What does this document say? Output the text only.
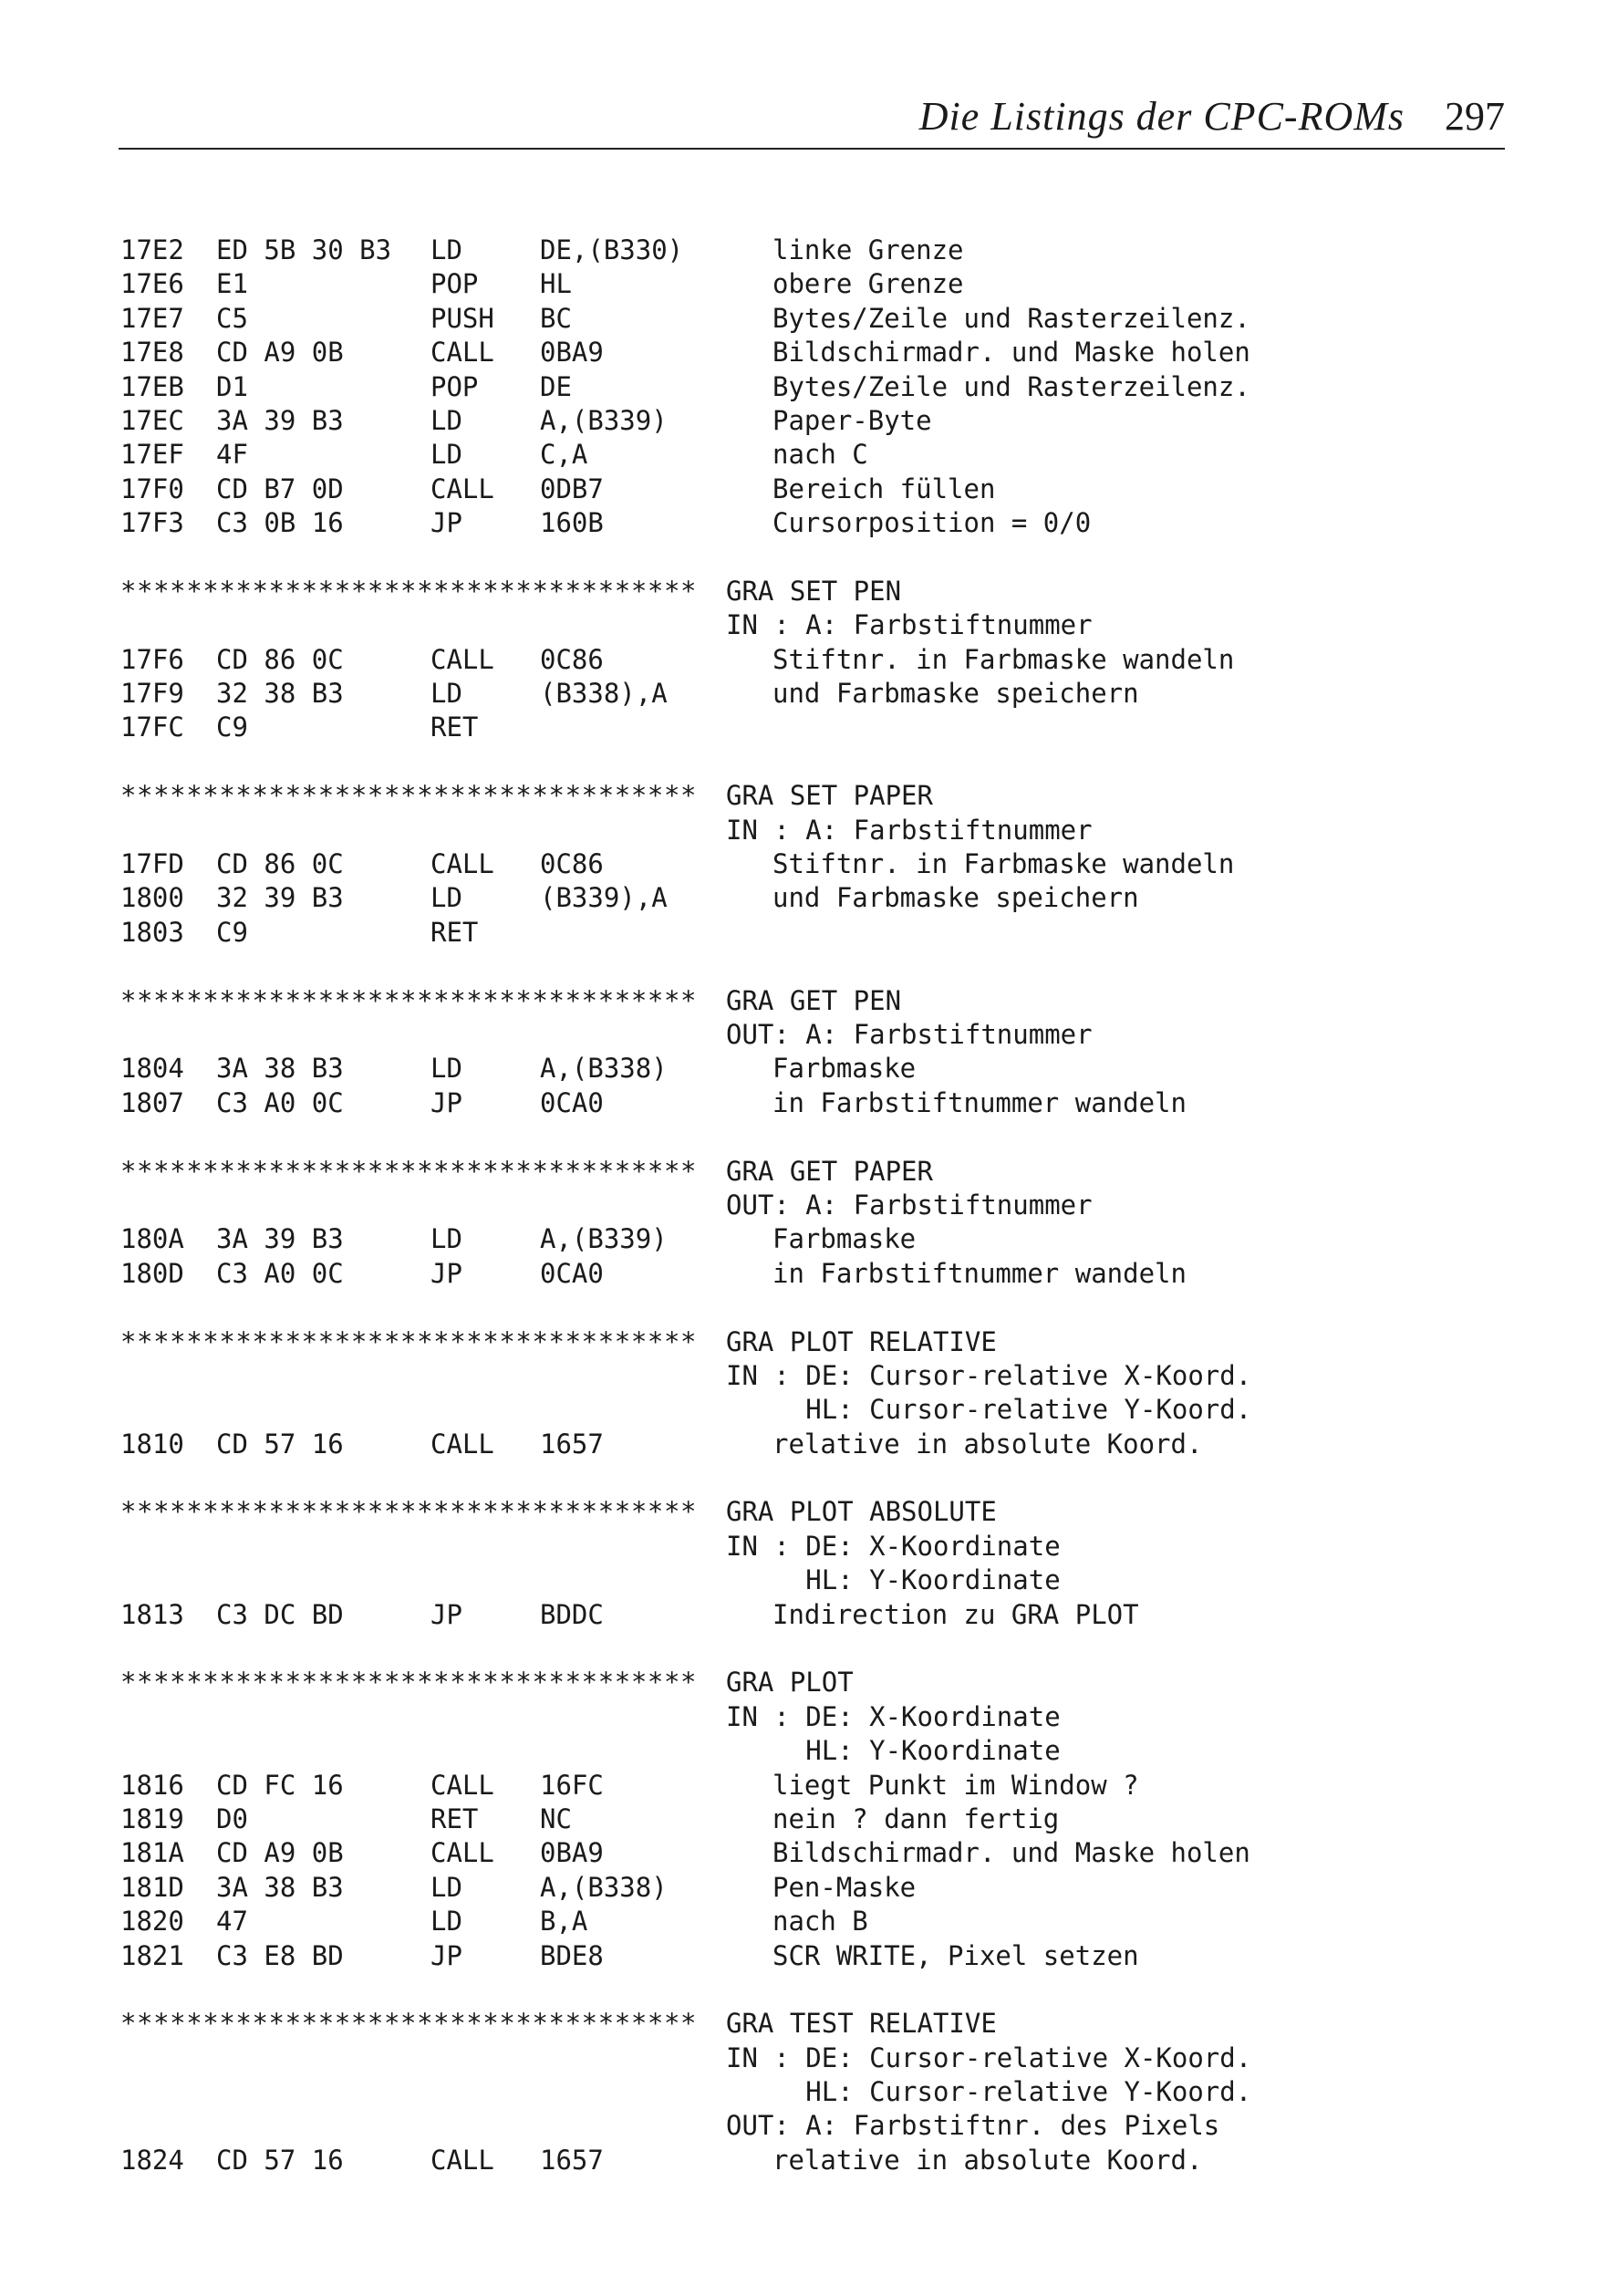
Die Listings der CPC-ROMs 297
17E2 ED 5B 30 B3 LD	DE,(B330)	linke Grenze
17E6 E1	POP HL	obere Grenze
17E7 C5	PUSH BC	Bytes/Zeile und Rasterzeilenz.
17E8 CD A9 0B	CALL 0BA9	Bildschirmadr. und Maske holen
17EB D1	POP DE	Bytes/Zeile und Rasterzeilenz.
17EC 3A 39 B3	LD	A,(B339)	Paper-Byte
17EF 4F	LD	C,A	nach C
17F0 CD B7 0D	CALL 0DB7	Bereich füllen
17F3 C3 0B 16	JP	160B	Cursorposition = 0/0
*********************************** GRA SET PEN
IN : A: Farbstiftnummer
17F6 CD 86 0C	CALL 0C86	Stiftnr. in Farbmaske wandeln
17F9 32 38 B3	LD	(B338),A	und Farbmaske speichern
17FC C9	RET
*********************************** GRA SET PAPER
IN : A: Farbstiftnummer
17FD CD 86 0C	CALL 0C86	Stiftnr. in Farbmaske wandeln
1800 32 39 B3	LD	(B339),A	und Farbmaske speichern
1803 C9	RET
*********************************** GRA GET PEN
OUT: A: Farbstiftnummer
1804 3A 38 B3	LD	A,(B338)	Farbmaske
1807 C3 A0 0C	JP	0CA0	in Farbstiftnummer wandeln
*********************************** GRA GET PAPER
OUT: A: Farbstiftnummer
180A 3A 39 B3	LD	A,(B339)	Farbmaske
180D C3 A0 0C	JP	0CA0	in Farbstiftnummer wandeln
*********************************** GRA PLOT RELATIVE
IN : DE: Cursor-relative X-Koord.
HL: Cursor-relative Y-Koord.
1810 CD 57 16	CALL 1657	relative in absolute Koord.
*********************************** GRA PLOT ABSOLUTE
IN : DE: X-Koordinate
HL: Y-Koordinate
1813 C3 DC BD	JP	BDDC	Indirection zu GRA PLOT
*********************************** GRA PLOT
IN : DE: X-Koordinate
HL: Y-Koordinate
1816 CD FC 16	CALL 16FC	liegt Punkt im Window ?
1819 D0	RET NC	nein ? dann fertig
181A CD A9 0B	CALL 0BA9	Bildschirmadr. und Maske holen
181D 3A 38 B3	LD	A,(B338)	Pen-Maske
1820 47	LD	B,A	nach B
1821 C3 E8 BD	JP	BDE8	SCR WRITE, Pixel setzen
*********************************** GRA TEST RELATIVE
IN : DE: Cursor-relative X-Koord.
HL: Cursor-relative Y-Koord.
OUT: A: Farbstiftnr. des Pixels
1824 CD 57 16	CALL 1657	relative in absolute Koord.
